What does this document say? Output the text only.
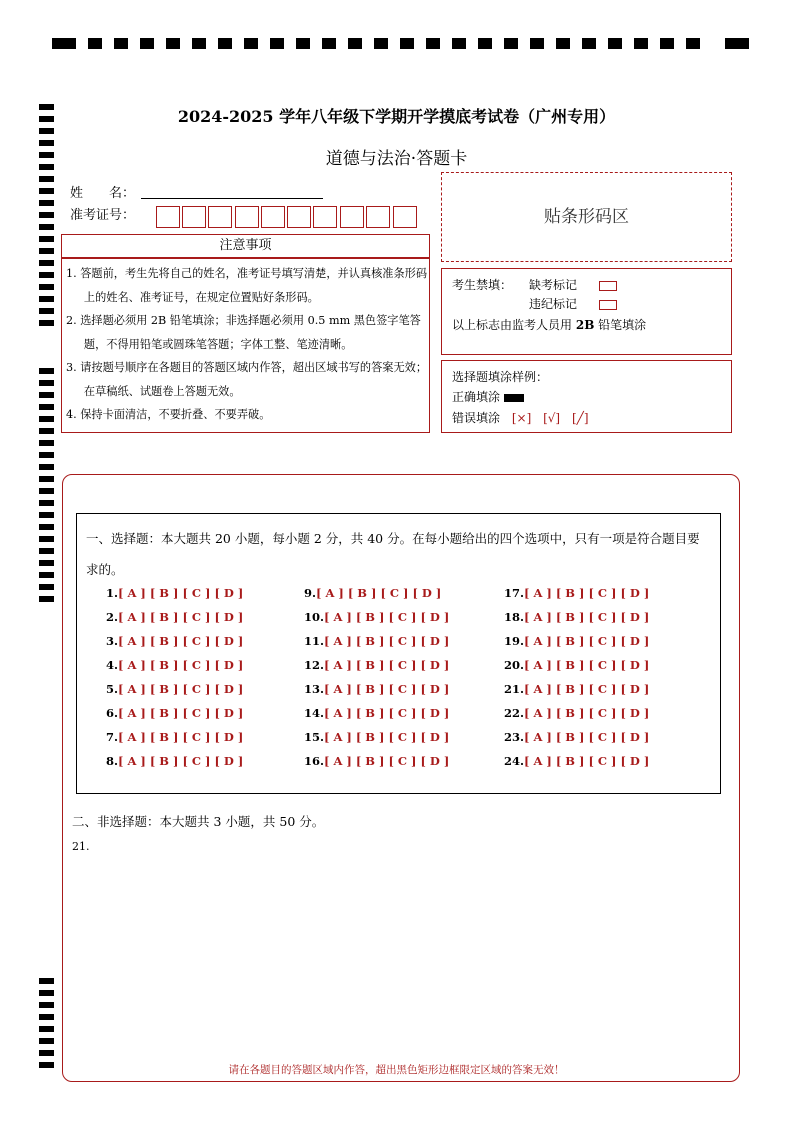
2024-2025 学年八年级下学期开学摸底考试卷（广州专用）
道德与法治·答题卡
姓　　名：
准考证号：	贴条形码区
注意事项
1. 答题前，考生先将自己的姓名，准考证号填写清楚，并认真核准条形码上的姓名、准考证号，在规定位置贴好条形码。
2. 选择题必须用 2B 铅笔填涂；非选择题必须用 0.5 mm 黑色签字笔答题，不得用铅笔或圆珠笔答题；字体工整、笔迹清晰。
3. 请按题号顺序在各题目的答题区域内作答，超出区域书写的答案无效；在草稿纸、试题卷上答题无效。
4. 保持卡面清洁，不要折叠、不要弄破。
考生禁填： 缺考标记
违纪标记
以上标志由监考人员用 2B 铅笔填涂
选择题填涂样例：
正确填涂
错误填涂 [×] [√] [╱]
一、选择题：本大题共 20 小题，每小题 2 分，共 40 分。在每小题给出的四个选项中，只有一项是符合题目要求的。
1.[ A ] [ B ] [ C ] [ D ]
2.[ A ] [ B ] [ C ] [ D ]
3.[ A ] [ B ] [ C ] [ D ]
4.[ A ] [ B ] [ C ] [ D ]
5.[ A ] [ B ] [ C ] [ D ]
6.[ A ] [ B ] [ C ] [ D ]
7.[ A ] [ B ] [ C ] [ D ]
8.[ A ] [ B ] [ C ] [ D ]
9.[ A ] [ B ] [ C ] [ D ]
10.[ A ] [ B ] [ C ] [ D ]
11.[ A ] [ B ] [ C ] [ D ]
12.[ A ] [ B ] [ C ] [ D ]
13.[ A ] [ B ] [ C ] [ D ]
14.[ A ] [ B ] [ C ] [ D ]
15.[ A ] [ B ] [ C ] [ D ]
16.[ A ] [ B ] [ C ] [ D ]
17.[ A ] [ B ] [ C ] [ D ]
18.[ A ] [ B ] [ C ] [ D ]
19.[ A ] [ B ] [ C ] [ D ]
20.[ A ] [ B ] [ C ] [ D ]
21.[ A ] [ B ] [ C ] [ D ]
22.[ A ] [ B ] [ C ] [ D ]
23.[ A ] [ B ] [ C ] [ D ]
24.[ A ] [ B ] [ C ] [ D ]
二、非选择题：本大题共 3 小题，共 50 分。
21.
请在各题目的答题区域内作答，超出黑色矩形边框限定区域的答案无效！
